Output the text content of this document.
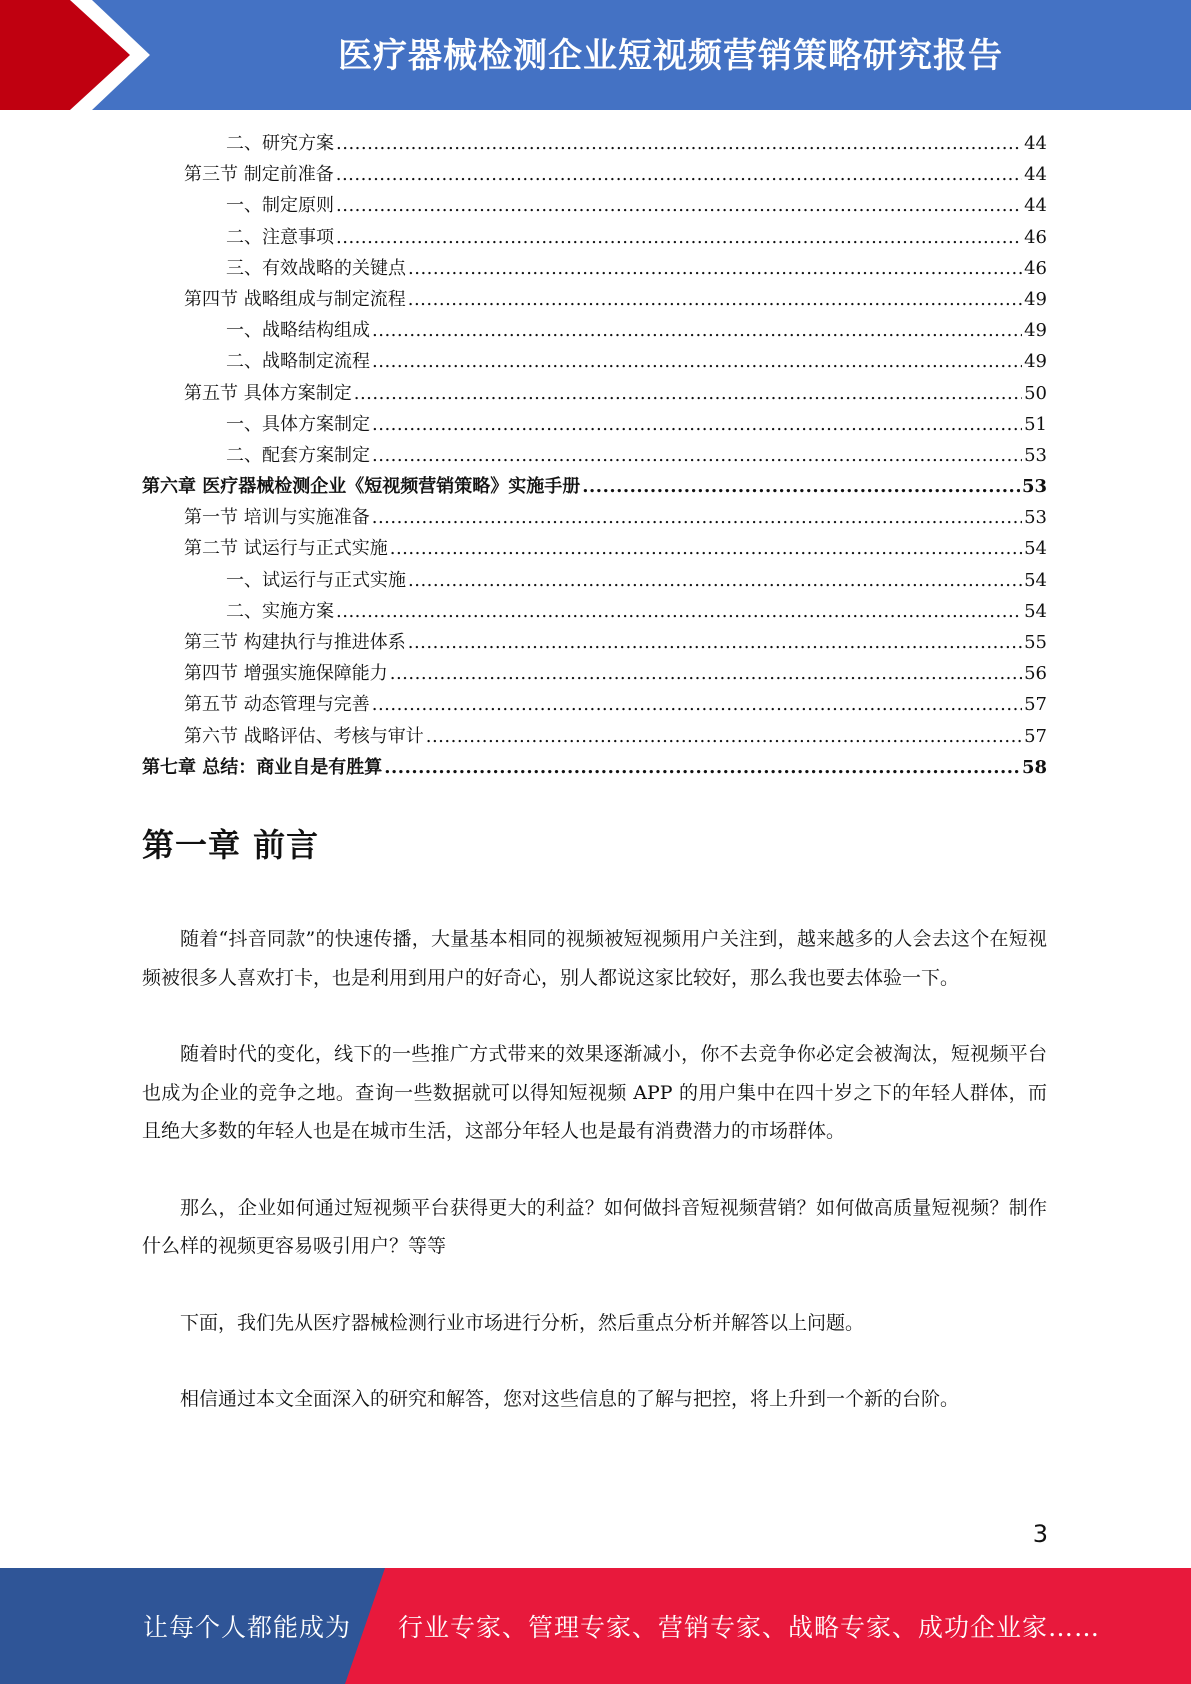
医疗器械检测企业短视频营销策略研究报告
二、研究方案 .....	44
第三节 制定前准备 .....	44
一、制定原则 .....	44
二、注意事项 .....	46
三、有效战略的关键点 .....	46
第四节 战略组成与制定流程 .....	49
一、战略结构组成 .....	49
二、战略制定流程 .....	49
第五节 具体方案制定 .....	50
一、具体方案制定 .....	51
二、配套方案制定 .....	53
第六章 医疗器械检测企业《短视频营销策略》实施手册 .....	53
第一节 培训与实施准备 .....	53
第二节 试运行与正式实施 .....	54
一、试运行与正式实施 .....	54
二、实施方案 .....	54
第三节 构建执行与推进体系 .....	55
第四节 增强实施保障能力 .....	56
第五节 动态管理与完善 .....	57
第六节 战略评估、考核与审计 .....	57
第七章 总结：商业自是有胜算 .....	58
第一章 前言

随着“抖音同款”的快速传播，大量基本相同的视频被短视频用户关注到，越来越多的人会去这个在短视频被很多人喜欢打卡，也是利用到用户的好奇心，别人都说这家比较好，那么我也要去体验一下。

随着时代的变化，线下的一些推广方式带来的效果逐渐减小，你不去竞争你必定会被淘汰，短视频平台也成为企业的竞争之地。查询一些数据就可以得知短视频 APP 的用户集中在四十岁之下的年轻人群体，而且绝大多数的年轻人也是在城市生活，这部分年轻人也是最有消费潜力的市场群体。

那么，企业如何通过短视频平台获得更大的利益？如何做抖音短视频营销？如何做高质量短视频？制作什么样的视频更容易吸引用户？等等

下面，我们先从医疗器械检测行业市场进行分析，然后重点分析并解答以上问题。

相信通过本文全面深入的研究和解答，您对这些信息的了解与把控，将上升到一个新的台阶。

3
让每个人都能成为 行业专家、管理专家、营销专家、战略专家、成功企业家……
